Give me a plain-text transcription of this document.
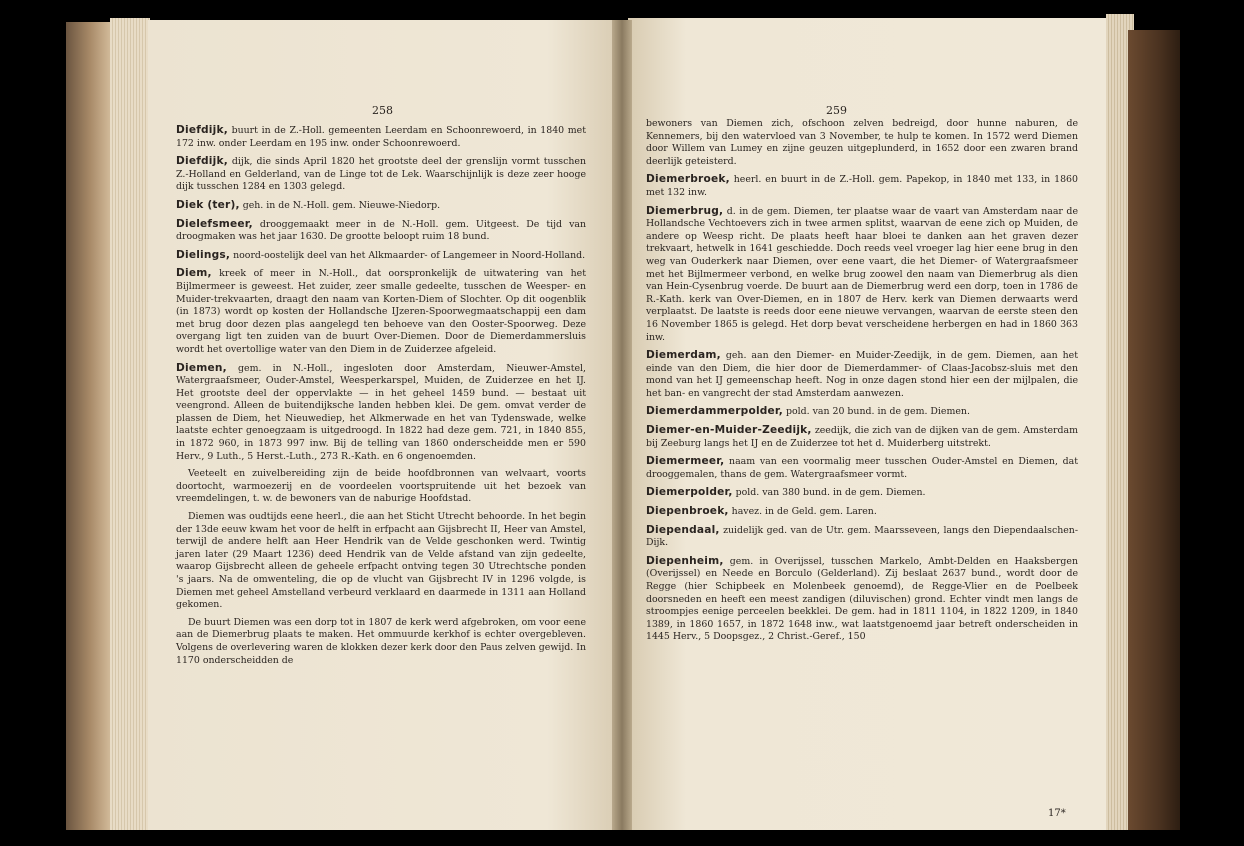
258

Diefdijk, buurt in de Z.-Holl. gemeenten Leerdam en Schoonrewoerd, in 1840 met 172 inw. onder Leerdam en 195 inw. onder Schoonrewoerd.

Diefdijk, dijk, die sinds April 1820 het grootste deel der grenslijn vormt tusschen Z.-Holland en Gelderland, van de Linge tot de Lek. Waarschijnlijk is deze zeer hooge dijk tusschen 1284 en 1303 gelegd.

Diek (ter), geh. in de N.-Holl. gem. Nieuwe-Niedorp.

Dielefsmeer, drooggemaakt meer in de N.-Holl. gem. Uitgeest. De tijd van droogmaken was het jaar 1630. De grootte beloopt ruim 18 bund.

Dielings, noord-oostelijk deel van het Alkmaarder- of Langemeer in Noord-Holland.

Diem, kreek of meer in N.-Holl., dat oorspronkelijk de uitwatering van het Bijlmermeer is geweest. Het zuider, zeer smalle gedeelte, tusschen de Weesper- en Muider-trekvaarten, draagt den naam van Korten-Diem of Slochter. Op dit oogenblik (in 1873) wordt op kosten der Hollandsche IJzeren-Spoorwegmaatschappij een dam met brug door dezen plas aangelegd ten behoeve van den Ooster-Spoorweg. Deze overgang ligt ten zuiden van de buurt Over-Diemen. Door de Diemerdammersluis wordt het overtollige water van den Diem in de Zuiderzee afgeleid.

Diemen, gem. in N.-Holl., ingesloten door Amsterdam, Nieuwer-Amstel, Watergraafsmeer, Ouder-Amstel, Weesperkarspel, Muiden, de Zuiderzee en het IJ. Het grootste deel der oppervlakte — in het geheel 1459 bund. — bestaat uit veengrond. Alleen de buitendijksche landen hebben klei. De gem. omvat verder de plassen de Diem, het Nieuwediep, het Alkmerwade en het van Tydenswade, welke laatste echter genoegzaam is uitgedroogd. In 1822 had deze gem. 721, in 1840 855, in 1872 960, in 1873 997 inw. Bij de telling van 1860 onderscheidde men er 590 Herv., 9 Luth., 5 Herst.-Luth., 273 R.-Kath. en 6 ongenoemden.

Veeteelt en zuivelbereiding zijn de beide hoofdbronnen van welvaart, voorts doortocht, warmoezerij en de voordeelen voortspruitende uit het bezoek van vreemdelingen, t. w. de bewoners van de naburige Hoofdstad.

Diemen was oudtijds eene heerl., die aan het Sticht Utrecht behoorde. In het begin der 13de eeuw kwam het voor de helft in erfpacht aan Gijsbrecht II, Heer van Amstel, terwijl de andere helft aan Heer Hendrik van de Velde geschonken werd. Twintig jaren later (29 Maart 1236) deed Hendrik van de Velde afstand van zijn gedeelte, waarop Gijsbrecht alleen de geheele erfpacht ontving tegen 30 Utrechtsche ponden 's jaars. Na de omwenteling, die op de vlucht van Gijsbrecht IV in 1296 volgde, is Diemen met geheel Amstelland verbeurd verklaard en daarmede in 1311 aan Holland gekomen.

De buurt Diemen was een dorp tot in 1807 de kerk werd afgebroken, om voor eene aan de Diemerbrug plaats te maken. Het ommuurde kerkhof is echter overgebleven. Volgens de overlevering waren de klokken dezer kerk door den Paus zelven gewijd. In 1170 onderscheidden de

259

bewoners van Diemen zich, ofschoon zelven bedreigd, door hunne naburen, de Kennemers, bij den watervloed van 3 November, te hulp te komen. In 1572 werd Diemen door Willem van Lumey en zijne geuzen uitgeplunderd, in 1652 door een zwaren brand deerlijk geteisterd.

Diemerbroek, heerl. en buurt in de Z.-Holl. gem. Papekop, in 1840 met 133, in 1860 met 132 inw.

Diemerbrug, d. in de gem. Diemen, ter plaatse waar de vaart van Amsterdam naar de Hollandsche Vechtoevers zich in twee armen splitst, waarvan de eene zich op Muiden, de andere op Weesp richt. De plaats heeft haar bloei te danken aan het graven dezer trekvaart, hetwelk in 1641 geschiedde. Doch reeds veel vroeger lag hier eene brug in den weg van Ouderkerk naar Diemen, over eene vaart, die het Diemer- of Watergraafsmeer met het Bijlmermeer verbond, en welke brug zoowel den naam van Diemerbrug als dien van Hein-Cysenbrug voerde. De buurt aan de Diemerbrug werd een dorp, toen in 1786 de R.-Kath. kerk van Over-Diemen, en in 1807 de Herv. kerk van Diemen derwaarts werd verplaatst. De laatste is reeds door eene nieuwe vervangen, waarvan de eerste steen den 16 November 1865 is gelegd. Het dorp bevat verscheidene herbergen en had in 1860 363 inw.

Diemerdam, geh. aan den Diemer- en Muider-Zeedijk, in de gem. Diemen, aan het einde van den Diem, die hier door de Diemerdammer- of Claas-Jacobsz-sluis met den mond van het IJ gemeenschap heeft. Nog in onze dagen stond hier een der mijlpalen, die het ban- en vangrecht der stad Amsterdam aanwezen.

Diemerdammerpolder, pold. van 20 bund. in de gem. Diemen.

Diemer-en-Muider-Zeedijk, zeedijk, die zich van de dijken van de gem. Amsterdam bij Zeeburg langs het IJ en de Zuiderzee tot het d. Muiderberg uitstrekt.

Diemermeer, naam van een voormalig meer tusschen Ouder-Amstel en Diemen, dat drooggemalen, thans de gem. Watergraafsmeer vormt.

Diemerpolder, pold. van 380 bund. in de gem. Diemen.

Diepenbroek, havez. in de Geld. gem. Laren.

Diependaal, zuidelijk ged. van de Utr. gem. Maarsseveen, langs den Diependaalschen-Dijk.

Diepenheim, gem. in Overijssel, tusschen Markelo, Ambt-Delden en Haaksbergen (Overijssel) en Neede en Borculo (Gelderland). Zij beslaat 2637 bund., wordt door de Regge (hier Schipbeek en Molenbeek genoemd), de Regge-Vlier en de Poelbeek doorsneden en heeft een meest zandigen (diluvischen) grond. Echter vindt men langs de stroompjes eenige perceelen beekklei. De gem. had in 1811 1104, in 1822 1209, in 1840 1389, in 1860 1657, in 1872 1648 inw., wat laatstgenoemd jaar betreft onderscheiden in 1445 Herv., 5 Doopsgez., 2 Christ.-Geref., 150

17*
